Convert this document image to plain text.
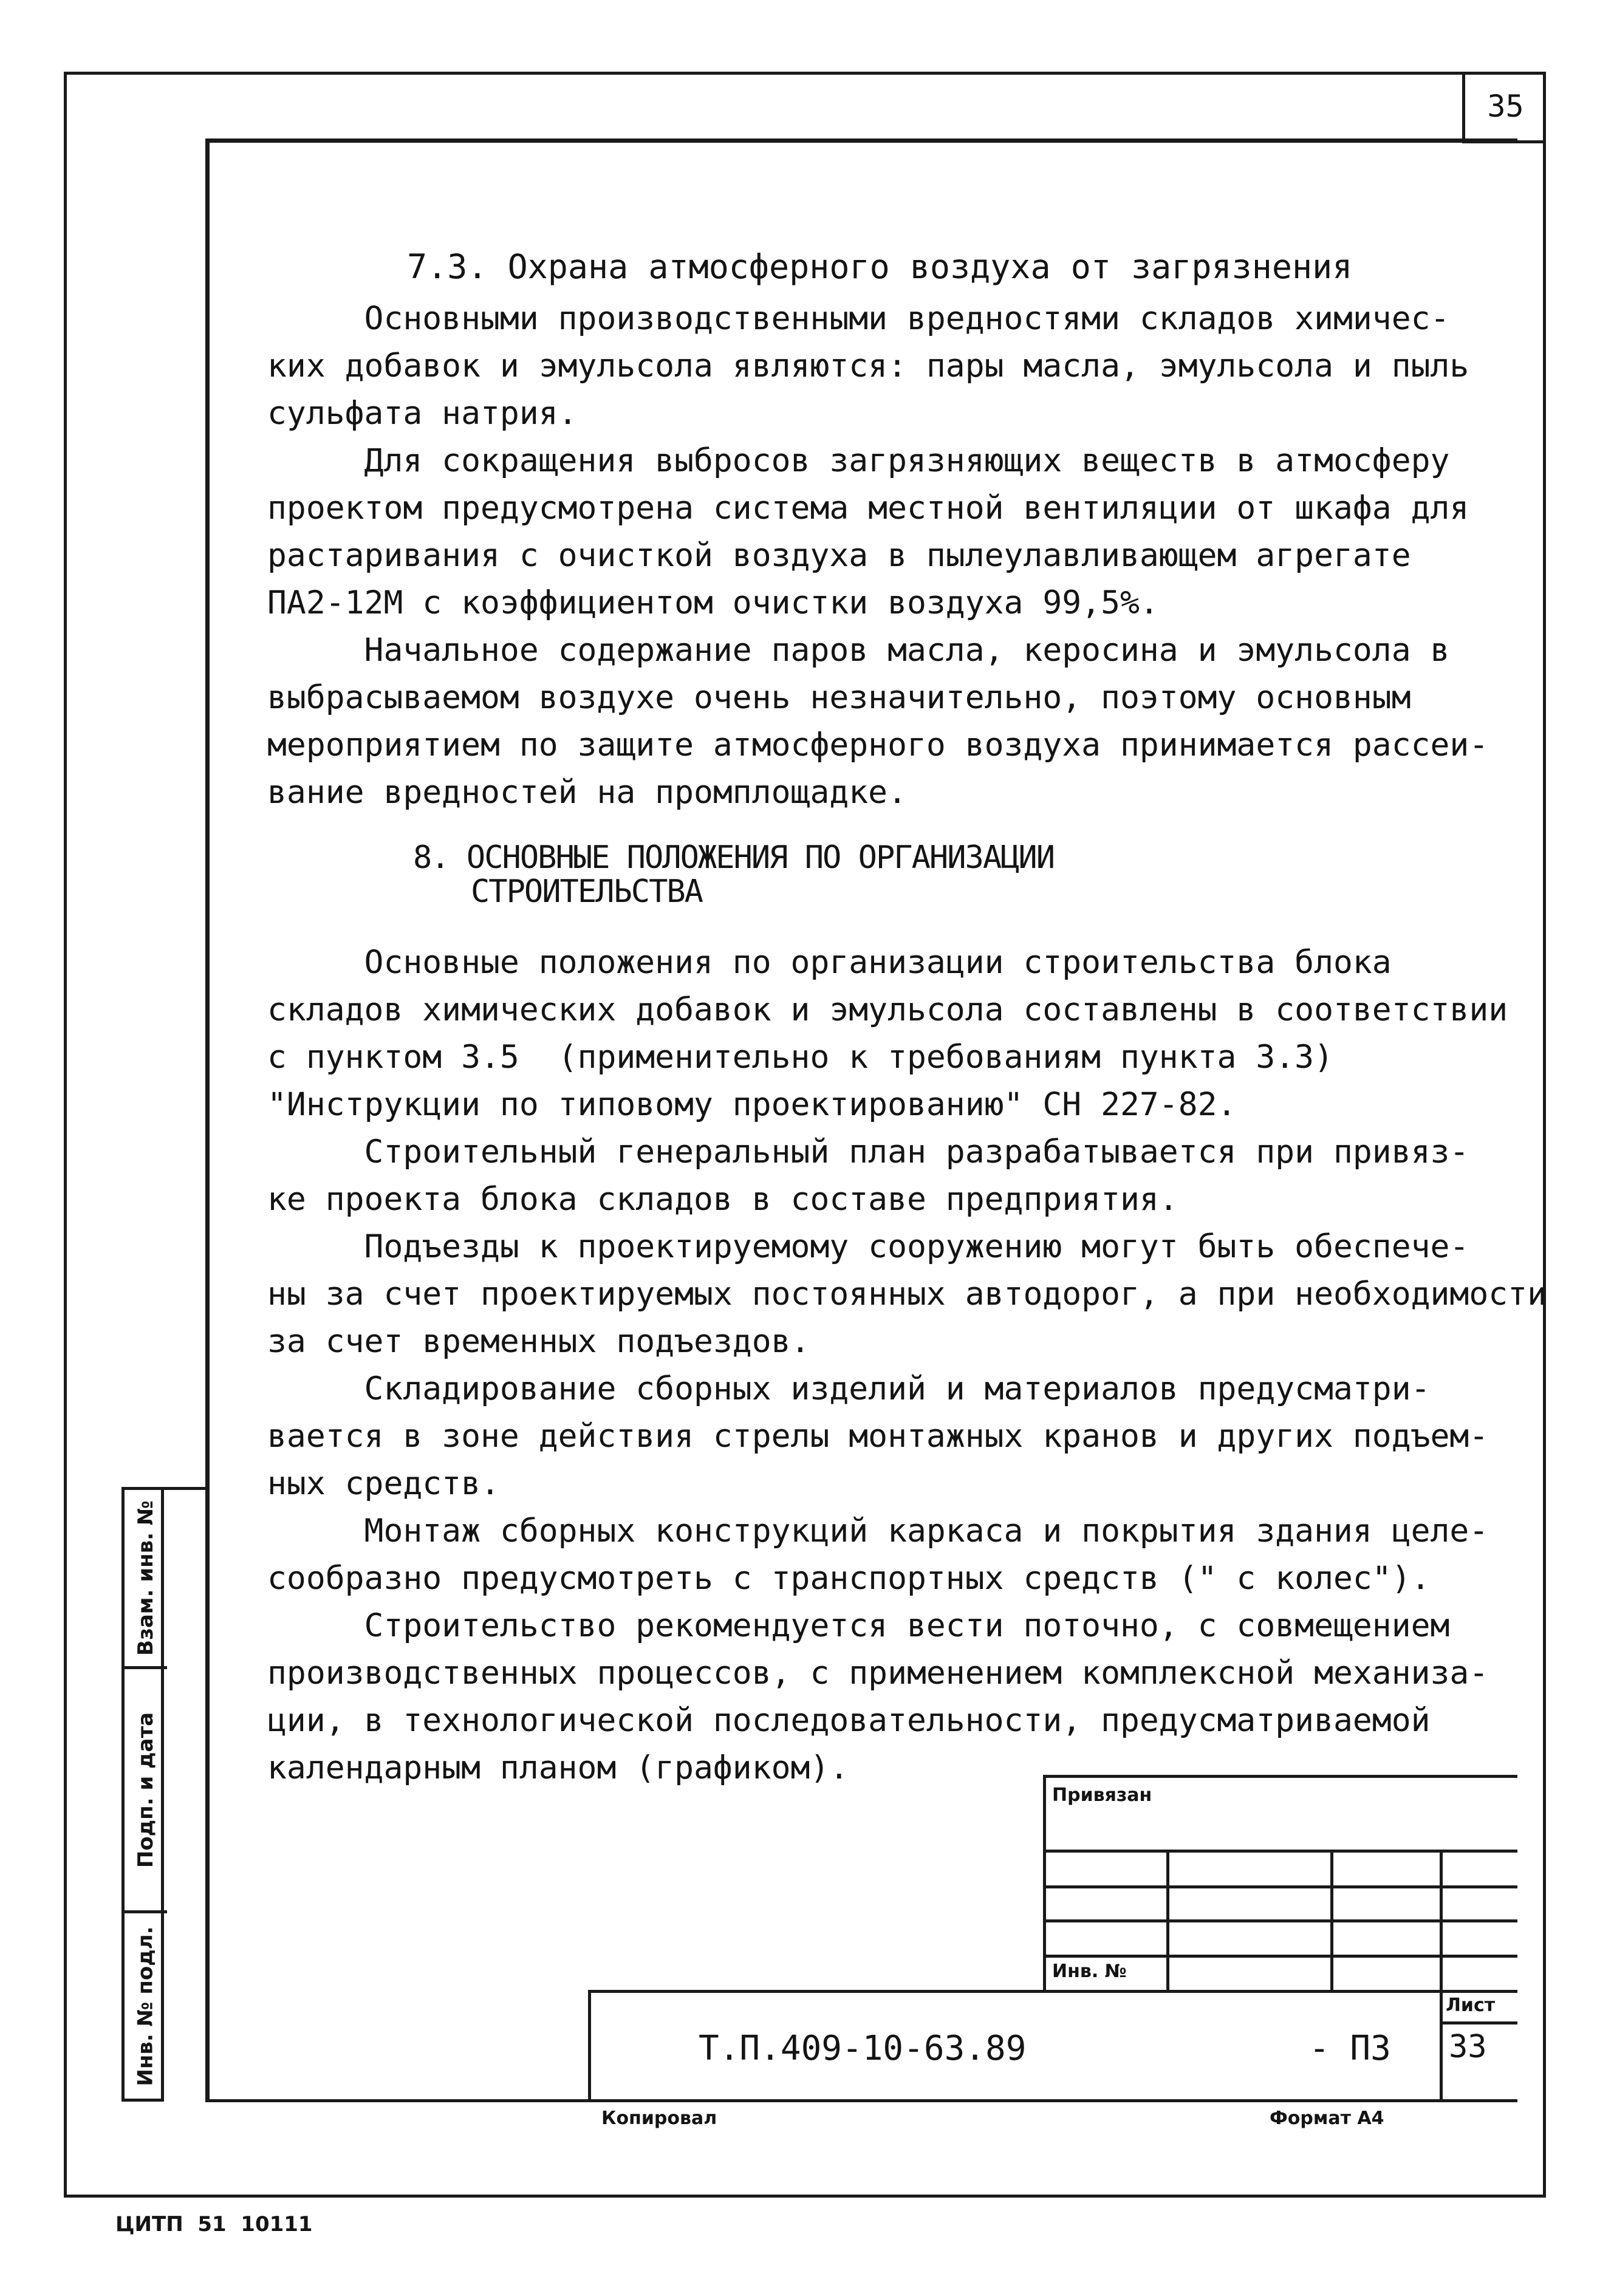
35
Взам. инв. №
Подп. и дата
Инв. № подл.

7.3. Охрана атмосферного воздуха от загрязнения

Основными производственными вредностями складов химичес-

ких добавок и эмульсола являются: пары масла, эмульсола и пыль

сульфата натрия.

Для сокращения выбросов загрязняющих веществ в атмосферу

проектом предусмотрена система местной вентиляции от шкафа для

растаривания с очисткой воздуха в пылеулавливающем агрегате

ПА2-12М с коэффициентом очистки воздуха 99,5%.

Начальное содержание паров масла, керосина и эмульсола в

выбрасываемом воздухе очень незначительно, поэтому основным

мероприятием по защите атмосферного воздуха принимается рассеи-

вание вредностей на промплощадке.

8. ОСНОВНЫЕ ПОЛОЖЕНИЯ ПО ОРГАНИЗАЦИИ

СТРОИТЕЛЬСТВА

Основные положения по организации строительства блока

складов химических добавок и эмульсола составлены в соответствии

с пунктом 3.5  (применительно к требованиям пункта 3.3)

"Инструкции по типовому проектированию" СН 227-82.

Строительный генеральный план разрабатывается при привяз-

ке проекта блока складов в составе предприятия.

Подъезды к проектируемому сооружению могут быть обеспече-

ны за счет проектируемых постоянных автодорог, а при необходимости

за счет временных подъездов.

Складирование сборных изделий и материалов предусматри-

вается в зоне действия стрелы монтажных кранов и других подъем-

ных средств.

Монтаж сборных конструкций каркаса и покрытия здания целе-

сообразно предусмотреть с транспортных средств (" с колес").

Строительство рекомендуется вести поточно, с совмещением

производственных процессов, с применением комплексной механиза-

ции, в технологической последовательности, предусматриваемой

календарным планом (графиком).

Привязан
Инв. №
Лист
33
Т.П.409-10-63.89	- ПЗ
Копировал	Формат А4
ЦИТП  51  10111
